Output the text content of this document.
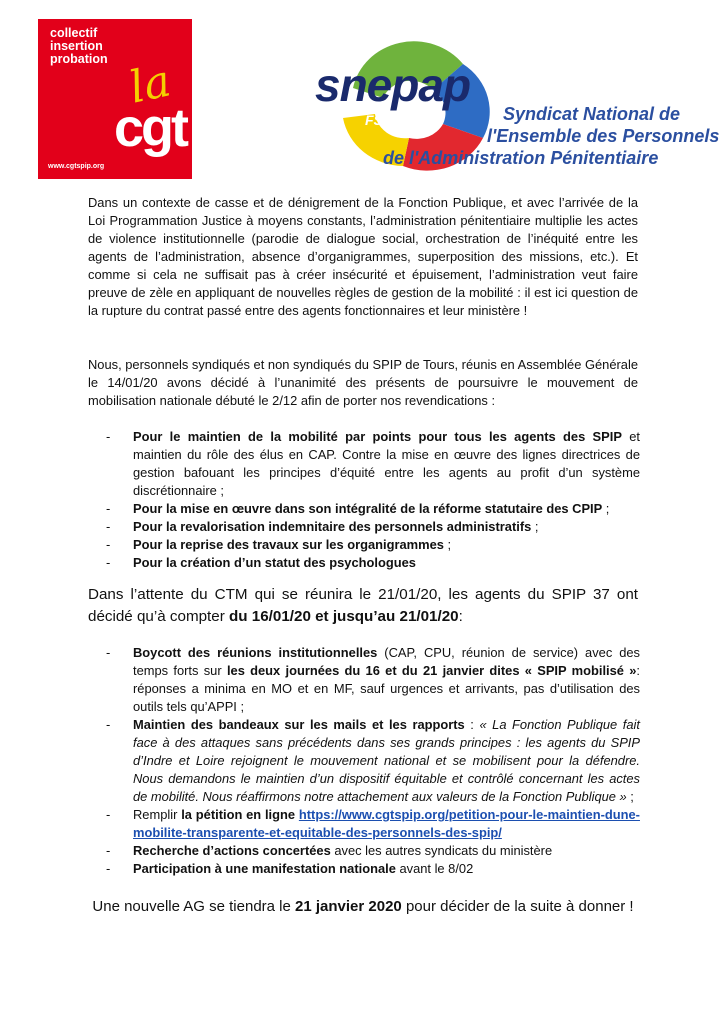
collectif
insertion
probation la
cgt
www.cgtspip.org
snepap
FSU	Syndicat National de
l'Ensemble des Personnels
de l'Administration Pénitentiaire

Dans un contexte de casse et de dénigrement de la Fonction Publique, et avec l’arrivée de la Loi Programmation Justice à moyens constants, l’administration pénitentiaire multiplie les actes de violence institutionnelle (parodie de dialogue social, orchestration de l’inéquité entre les agents de l’administration, absence d’organigrammes, superposition des missions, etc.). Et comme si cela ne suffisait pas à créer insécurité et épuisement, l’administration veut faire preuve de zèle en appliquant de nouvelles règles de gestion de la mobilité : il est ici question de la rupture du contrat passé entre des agents fonctionnaires et leur ministère !

Nous, personnels syndiqués et non syndiqués du SPIP de Tours, réunis en Assemblée Générale le 14/01/20 avons décidé à l’unanimité des présents de poursuivre le mouvement de mobilisation nationale débuté le 2/12 afin de porter nos revendications :

- Pour le maintien de la mobilité par points pour tous les agents des SPIP et maintien du rôle des élus en CAP. Contre la mise en œuvre des lignes directrices de gestion bafouant les principes d’équité entre les agents au profit d’un système discrétionnaire ;
- Pour la mise en œuvre dans son intégralité de la réforme statutaire des CPIP ;
- Pour la revalorisation indemnitaire des personnels administratifs ;
- Pour la reprise des travaux sur les organigrammes ;
- Pour la création d’un statut des psychologues

Dans l’attente du CTM qui se réunira le 21/01/20, les agents du SPIP 37 ont décidé qu’à compter du 16/01/20 et jusqu’au 21/01/20:

- Boycott des réunions institutionnelles (CAP, CPU, réunion de service) avec des temps forts sur les deux journées du 16 et du 21 janvier dites « SPIP mobilisé »: réponses a minima en MO et en MF, sauf urgences et arrivants, pas d’utilisation des outils tels qu’APPI ;
- Maintien des bandeaux sur les mails et les rapports : « La Fonction Publique fait face à des attaques sans précédents dans ses grands principes : les agents du SPIP d’Indre et Loire rejoignent le mouvement national et se mobilisent pour la défendre. Nous demandons le maintien d’un dispositif équitable et contrôlé concernant les actes de mobilité. Nous réaffirmons notre attachement aux valeurs de la Fonction Publique » ;
- Remplir la pétition en ligne https://www.cgtspip.org/petition-pour-le-maintien-dune-mobilite-transparente-et-equitable-des-personnels-des-spip/
- Recherche d’actions concertées avec les autres syndicats du ministère
- Participation à une manifestation nationale avant le 8/02

Une nouvelle AG se tiendra le 21 janvier 2020 pour décider de la suite à donner !
